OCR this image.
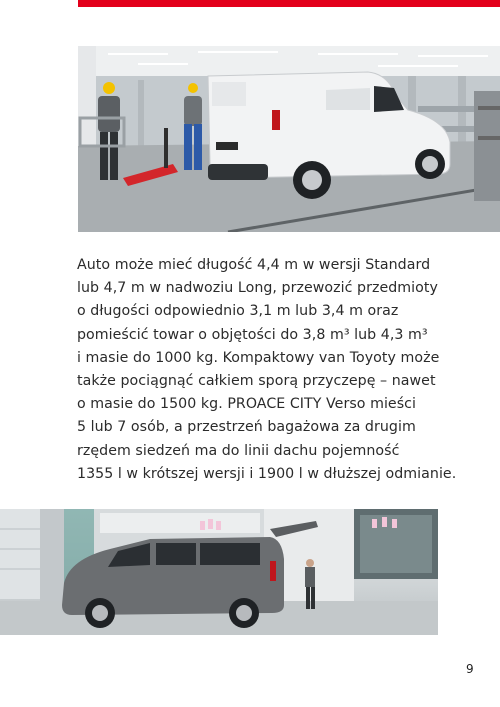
Auto może mieć długość 4,4 m w wersji Standard
lub 4,7 m w nadwoziu Long, przewozić przedmioty
o długości odpowiednio 3,1 m lub 3,4 m oraz
pomieścić towar o objętości do 3,8 m³ lub 4,3 m³
i masie do 1000 kg. Kompaktowy van Toyoty może
także pociągnąć całkiem sporą przyczepę – nawet
o masie do 1500 kg. PROACE CITY Verso mieści
5 lub 7 osób, a przestrzeń bagażowa za drugim
rzędem siedzeń ma do linii dachu pojemność
1355 l w krótszej wersji i 1900 l w dłuższej odmianie.

9
